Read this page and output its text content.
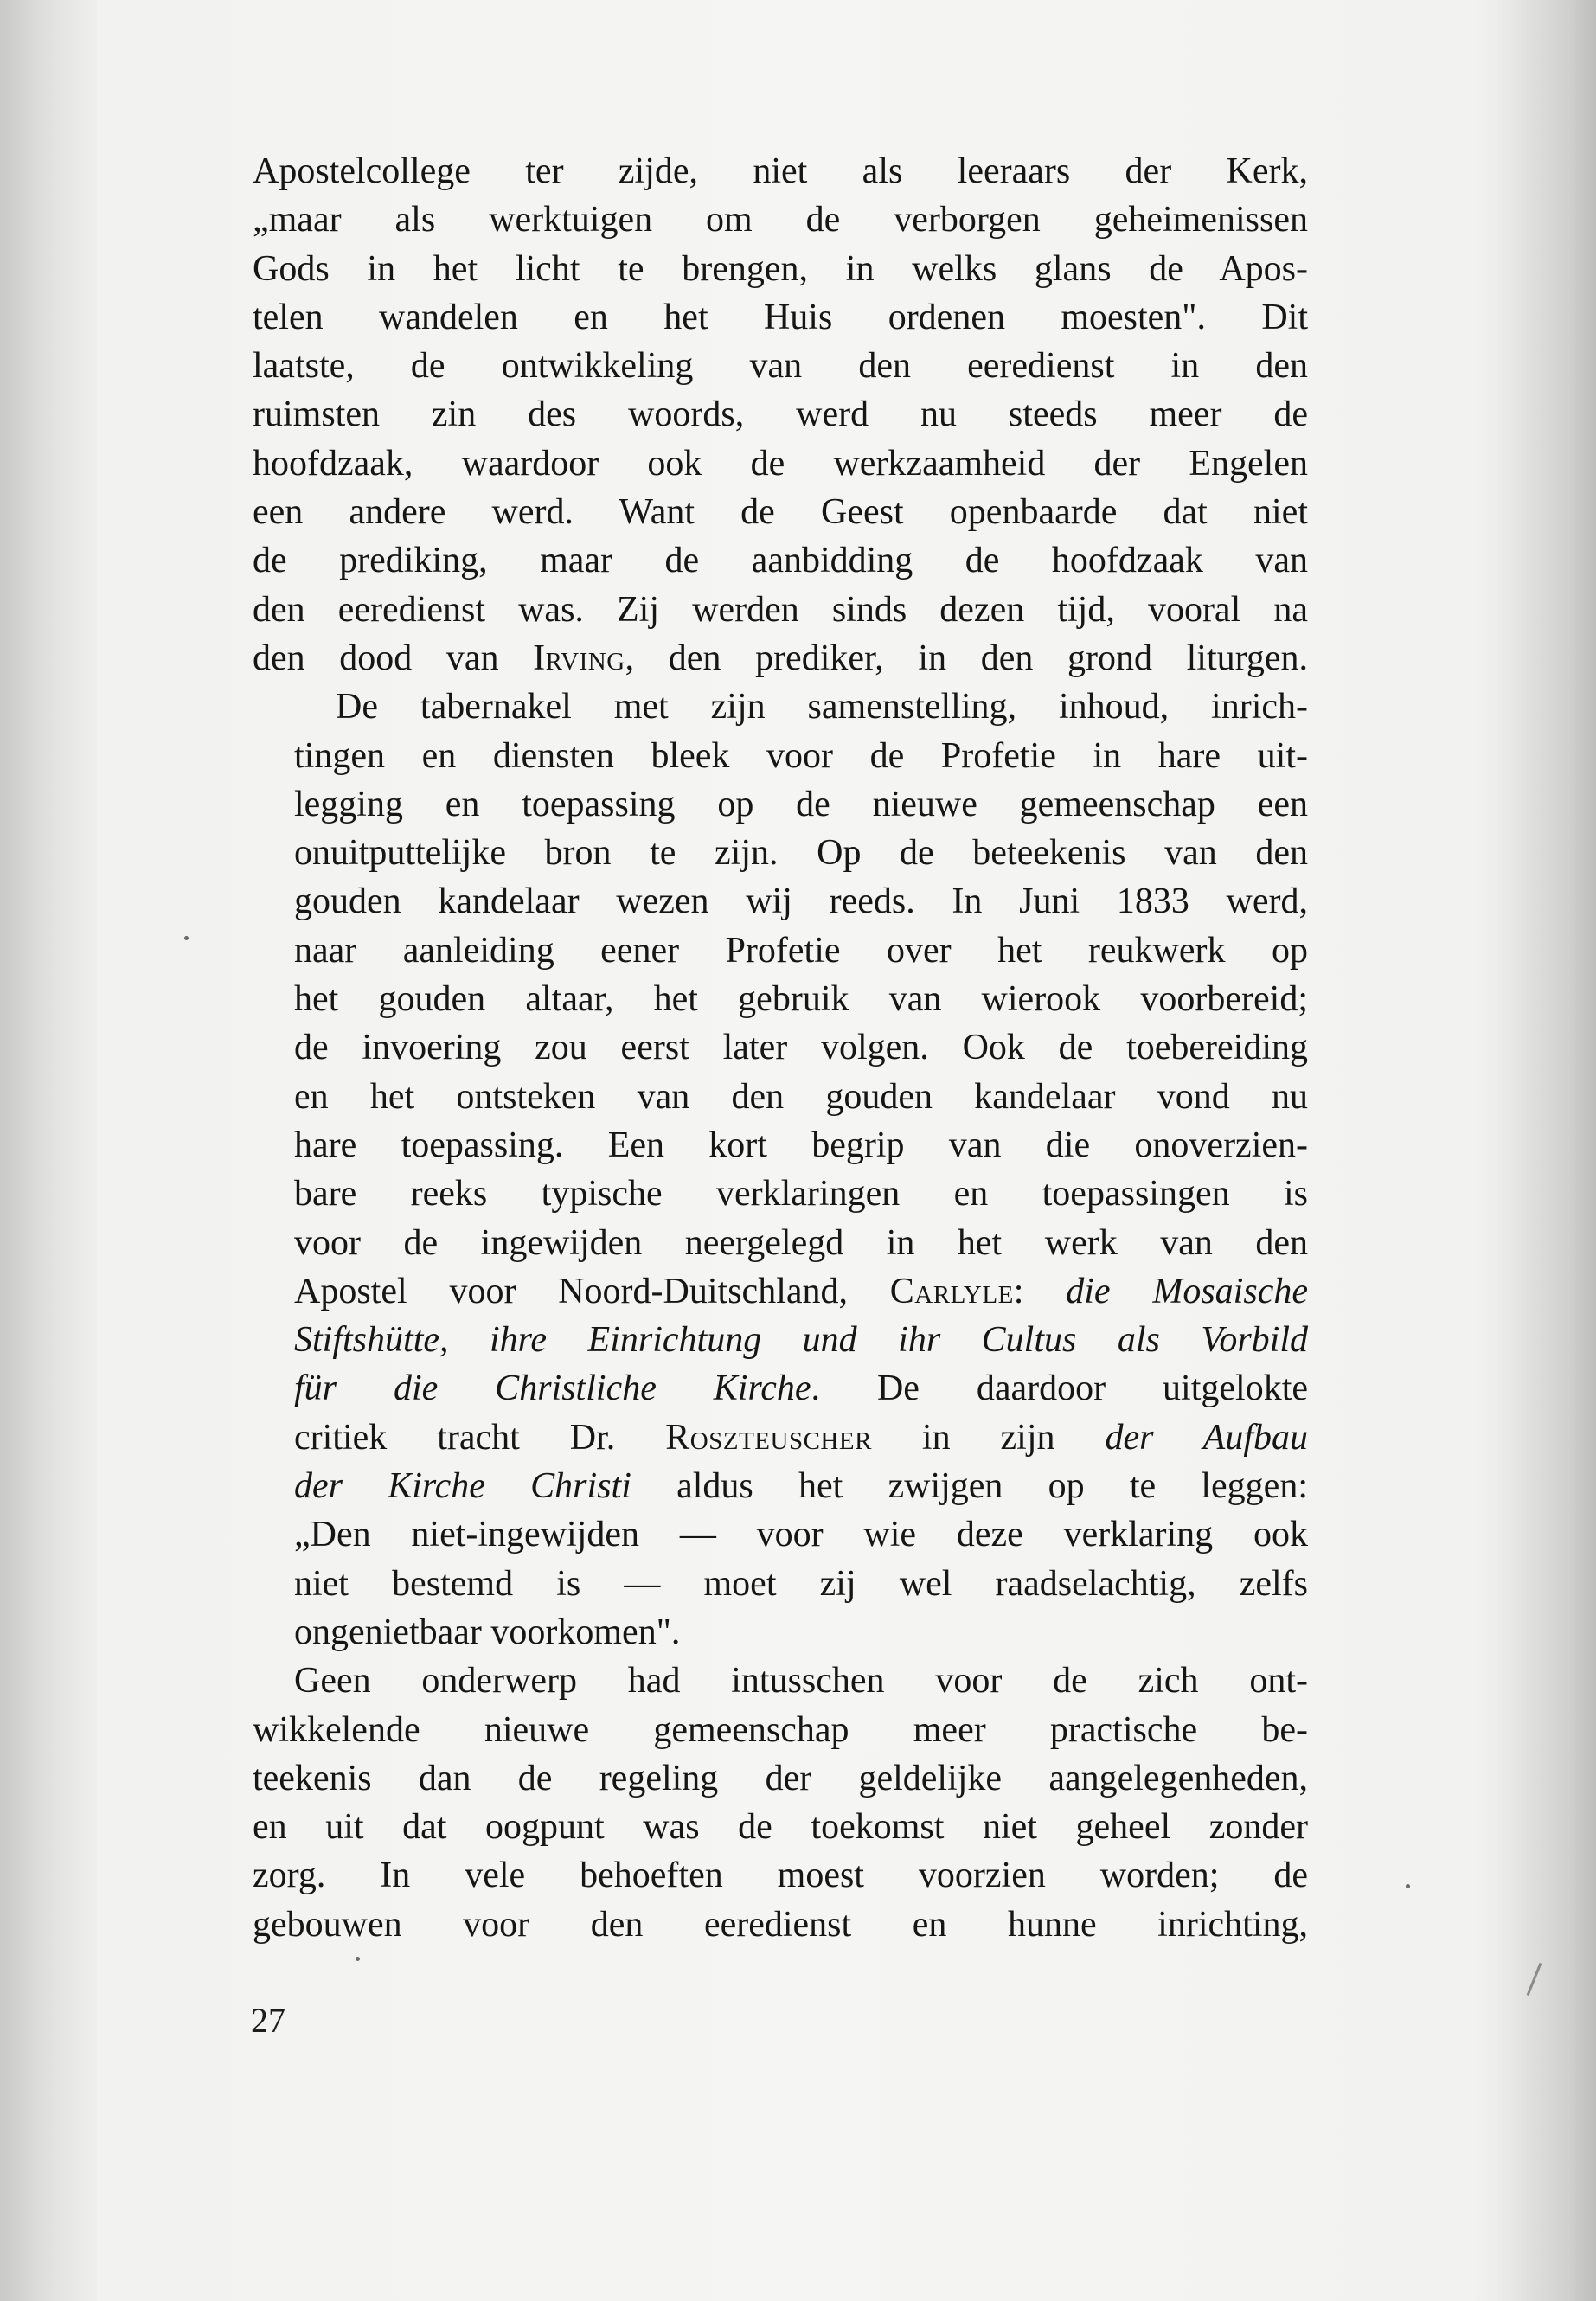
Apostelcollege ter zijde, niet als leeraars der Kerk,
„maar als werktuigen om de verborgen geheimenissen
Gods in het licht te brengen, in welks glans de Apos-
telen wandelen en het Huis ordenen moesten". Dit
laatste, de ontwikkeling van den eeredienst in den
ruimsten zin des woords, werd nu steeds meer de
hoofdzaak, waardoor ook de werkzaamheid der Engelen
een andere werd. Want de Geest openbaarde dat niet
de prediking, maar de aanbidding de hoofdzaak van
den eeredienst was. Zij werden sinds dezen tijd, vooral na
den dood van Irving, den prediker, in den grond liturgen.
De tabernakel met zijn samenstelling, inhoud, inrich-
tingen en diensten bleek voor de Profetie in hare uit-
legging en toepassing op de nieuwe gemeenschap een
onuitputtelijke bron te zijn. Op de beteekenis van den
gouden kandelaar wezen wij reeds. In Juni 1833 werd,
naar aanleiding eener Profetie over het reukwerk op
het gouden altaar, het gebruik van wierook voorbereid;
de invoering zou eerst later volgen. Ook de toebereiding
en het ontsteken van den gouden kandelaar vond nu
hare toepassing. Een kort begrip van die onoverzien-
bare reeks typische verklaringen en toepassingen is
voor de ingewijden neergelegd in het werk van den
Apostel voor Noord-Duitschland, Carlyle: die Mosaische
Stiftshütte, ihre Einrichtung und ihr Cultus als Vorbild
für die Christliche Kirche. De daardoor uitgelokte
critiek tracht Dr. Roszteuscher in zijn der Aufbau
der Kirche Christi aldus het zwijgen op te leggen:
„Den niet-ingewijden — voor wie deze verklaring ook
niet bestemd is — moet zij wel raadselachtig, zelfs
ongenietbaar voorkomen".
Geen onderwerp had intusschen voor de zich ont-
wikkelende nieuwe gemeenschap meer practische be-
teekenis dan de regeling der geldelijke aangelegenheden,
en uit dat oogpunt was de toekomst niet geheel zonder
zorg. In vele behoeften moest voorzien worden; de
gebouwen voor den eeredienst en hunne inrichting,
27
